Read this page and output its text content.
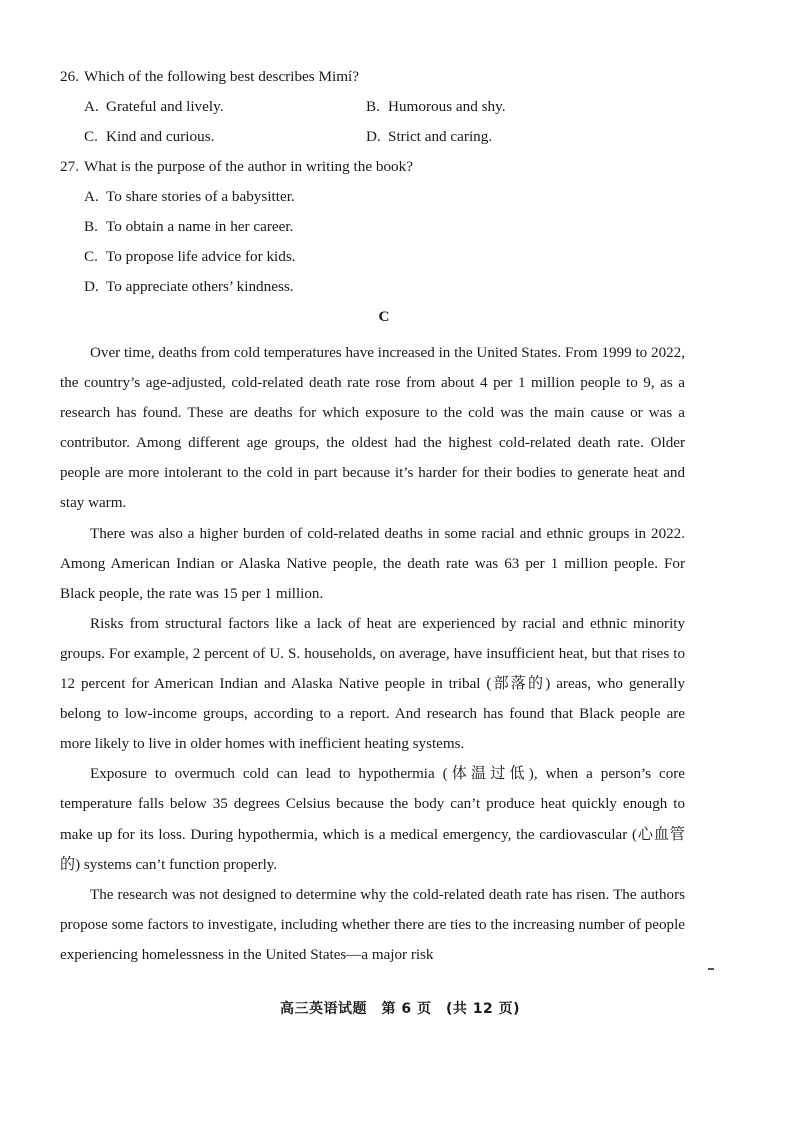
26. Which of the following best describes Mimí?

A. Grateful and lively.	B. Humorous and shy.
C. Kind and curious.	D. Strict and caring.

27. What is the purpose of the author in writing the book?

A. To share stories of a babysitter.
B. To obtain a name in her career.
C. To propose life advice for kids.
D. To appreciate others’ kindness.
C

Over time, deaths from cold temperatures have increased in the United States. From 1999 to 2022, the country’s age-adjusted, cold-related death rate rose from about 4 per 1 million people to 9, as a research has found. These are deaths for which exposure to the cold was the main cause or was a contributor. Among different age groups, the oldest had the highest cold-related death rate. Older people are more intolerant to the cold in part because it’s harder for their bodies to generate heat and stay warm.

There was also a higher burden of cold-related deaths in some racial and ethnic groups in 2022. Among American Indian or Alaska Native people, the death rate was 63 per 1 million people. For Black people, the rate was 15 per 1 million.

Risks from structural factors like a lack of heat are experienced by racial and ethnic minority groups. For example, 2 percent of U. S. households, on average, have insufficient heat, but that rises to 12 percent for American Indian and Alaska Native people in tribal (部落的) areas, who generally belong to low-income groups, according to a report. And research has found that Black people are more likely to live in older homes with inefficient heating systems.

Exposure to overmuch cold can lead to hypothermia (体温过低), when a person’s core temperature falls below 35 degrees Celsius because the body can’t produce heat quickly enough to make up for its loss. During hypothermia, which is a medical emergency, the cardiovascular (心血管的) systems can’t function properly.

The research was not designed to determine why the cold-related death rate has risen. The authors propose some factors to investigate, including whether there are ties to the increasing number of people experiencing homelessness in the United States—a major risk

高三英语试题　第 6 页　(共 12 页)
